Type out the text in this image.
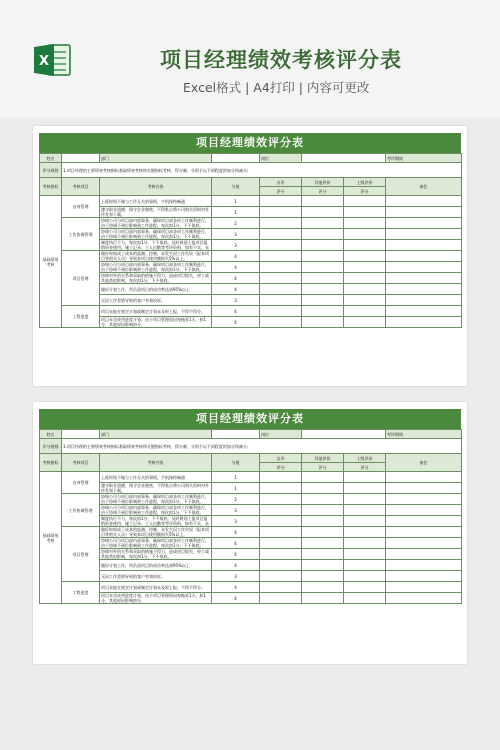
X	项目经理绩效考核评分表
Excel格式 | A4打印 | 内容可更改
项目经理绩效评分表
姓名		部门		岗位			考评期间
评分规则	1.项目经理的主要绩效考核指标基础绩效考核和关键指标考核，得分制，分别予以不同程度的加分和减分;						
考核指标	考核项目	考核内容	分值	自评	其他评价	上级评价	备注
				评分	评分	评分	
基础绩效考核	自身管理	上班时间不做与工作无关的事情，手机保持畅通	1				
		遵守职业道德，保守企业秘密，不得私自将公司相关资料对外传发和下载。	1				
	工作协调管理	协调公司与项目部内部事务，确保项目部各项工作顺利进行，由于协调不到位影响到工作进程，每次扣1分，下不保底。	2				
		协调公司与项目部内部事务，确保项目部各项工作顺利进行，由于协调不到位影响到工作进程，每次扣1分，下不保底。	3				
		制度执行不力，每次扣1分，下不保底。及时规划上报项目报销资金使用，施工记录、工人出勤等考评资料，如有不实、未	3				
	项目管理	做好时间成了成本的监测、控制，未发生因工作失误（报本项目等相关人员）导致本项目使用额损失5%以上。	4				
		协调公司与项目部内部事务，确保项目部各项工作顺利进行，由于协调不到位影响到工作进程，每次扣1分，下不保底。	4				
		协调对外的关系和采取的措施不得力，造成项目级失，停工或其他类似影响，每次扣1分，下不保底。	4				
		做好计划工作，所负责项目的成功率达到95%以上	4				
		无因工作差错导致的客户有效投诉。	3				
	工程进度	项目未能在规定计划或制定计划未及时上报，不得不得分。	4				
		项目未完成列进度计划，由于项目管理原因每拖延1天，扣1分，其他原因影响扣分。	4				
项目经理绩效评分表
姓名		部门		岗位			考评期间
评分规则	1.项目经理的主要绩效考核指标基础绩效考核和关键指标考核，得分制，分别予以不同程度的加分和减分;						
考核指标	考核项目	考核内容	分值	自评	其他评价	上级评价	备注
				评分	评分	评分	
基础绩效考核	自身管理	上班时间不做与工作无关的事情，手机保持畅通	1				
		遵守职业道德，保守企业秘密，不得私自将公司相关资料对外传发和下载。	1				
	工作协调管理	协调公司与项目部内部事务，确保项目部各项工作顺利进行，由于协调不到位影响到工作进程，每次扣1分，下不保底。	2				
		协调公司与项目部内部事务，确保项目部各项工作顺利进行，由于协调不到位影响到工作进程，每次扣1分，下不保底。	3				
		制度执行不力，每次扣1分，下不保底。及时规划上报项目报销资金使用，施工记录、工人出勤等考评资料，如有不实、未	3				
	项目管理	做好时间成了成本的监测、控制，未发生因工作失误（报本项目等相关人员）导致本项目使用额损失5%以上。	4				
		协调公司与项目部内部事务，确保项目部各项工作顺利进行，由于协调不到位影响到工作进程，每次扣1分，下不保底。	4				
		协调对外的关系和采取的措施不得力，造成项目级失，停工或其他类似影响，每次扣1分，下不保底。	4				
		做好计划工作，所负责项目的成功率达到95%以上	4				
		无因工作差错导致的客户有效投诉。	3				
	工程进度	项目未能在规定计划或制定计划未及时上报，不得不得分。	4				
		项目未完成列进度计划，由于项目管理原因每拖延1天，扣1分，其他原因影响扣分。	4				
